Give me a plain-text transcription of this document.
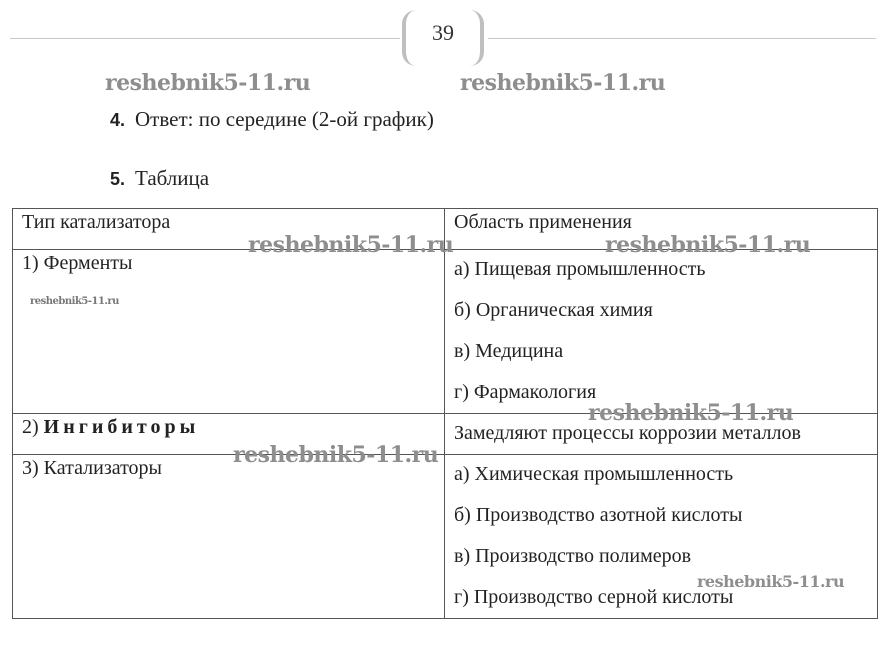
39
4. Ответ: по середине (2-ой график)
5. Таблица
Тип катализатора	Область применения
1) Ферменты	а) Пищевая промышленность
б) Органическая химия
в) Медицина
г) Фармакология

2) Ингибиторы	Замедляют процессы коррозии металлов

3) Катализаторы	а) Химическая промышленность
б) Производство азотной кислоты
в) Производство полимеров
г) Производство серной кислоты
reshebnik5-11.ru	reshebnik5-11.ru
reshebnik5-11.ru	reshebnik5-11.ru
reshebnik5-11.ru
reshebnik5-11.ru
reshebnik5-11.ru
reshebnik5-11.ru
